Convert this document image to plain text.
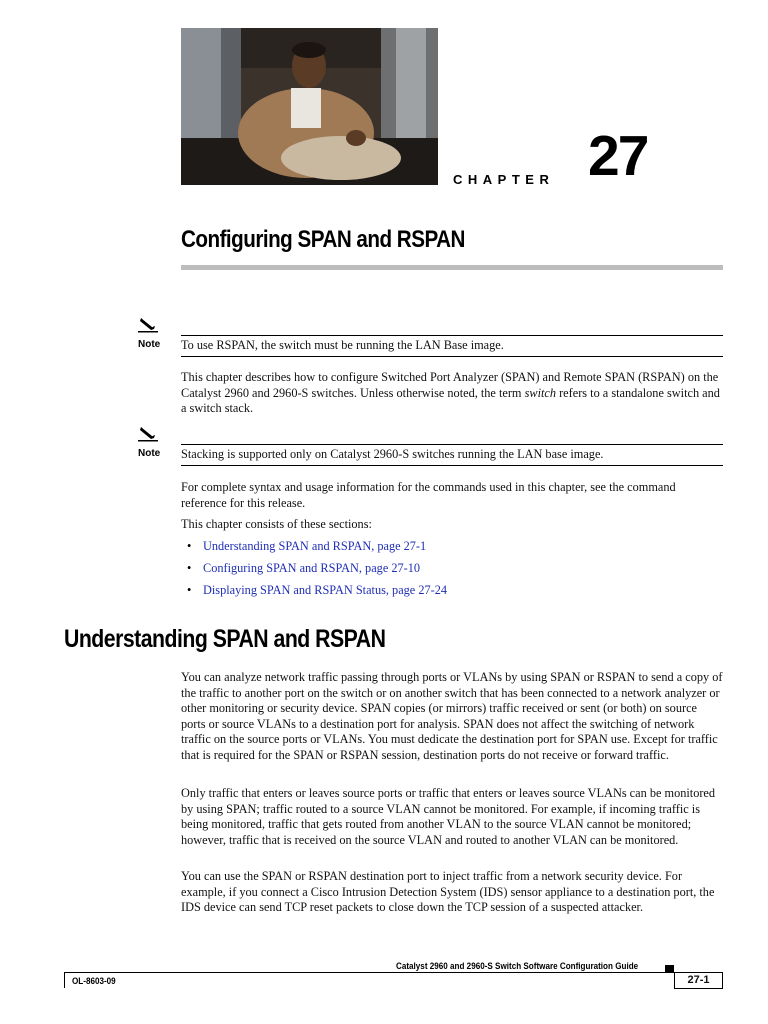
CHAPTER 27
Configuring SPAN and RSPAN
Note To use RSPAN, the switch must be running the LAN Base image.
This chapter describes how to configure Switched Port Analyzer (SPAN) and Remote SPAN (RSPAN) on the Catalyst 2960 and 2960-S switches. Unless otherwise noted, the term switch refers to a standalone switch and a switch stack.
Note Stacking is supported only on Catalyst 2960-S switches running the LAN base image.
For complete syntax and usage information for the commands used in this chapter, see the command reference for this release.
This chapter consists of these sections:
• Understanding SPAN and RSPAN, page 27-1
• Configuring SPAN and RSPAN, page 27-10
• Displaying SPAN and RSPAN Status, page 27-24
Understanding SPAN and RSPAN
You can analyze network traffic passing through ports or VLANs by using SPAN or RSPAN to send a copy of the traffic to another port on the switch or on another switch that has been connected to a network analyzer or other monitoring or security device. SPAN copies (or mirrors) traffic received or sent (or both) on source ports or source VLANs to a destination port for analysis. SPAN does not affect the switching of network traffic on the source ports or VLANs. You must dedicate the destination port for SPAN use. Except for traffic that is required for the SPAN or RSPAN session, destination ports do not receive or forward traffic.
Only traffic that enters or leaves source ports or traffic that enters or leaves source VLANs can be monitored by using SPAN; traffic routed to a source VLAN cannot be monitored. For example, if incoming traffic is being monitored, traffic that gets routed from another VLAN to the source VLAN cannot be monitored; however, traffic that is received on the source VLAN and routed to another VLAN can be monitored.
You can use the SPAN or RSPAN destination port to inject traffic from a network security device. For example, if you connect a Cisco Intrusion Detection System (IDS) sensor appliance to a destination port, the IDS device can send TCP reset packets to close down the TCP session of a suspected attacker.
Catalyst 2960 and 2960-S Switch Software Configuration Guide
OL-8603-09	27-1
